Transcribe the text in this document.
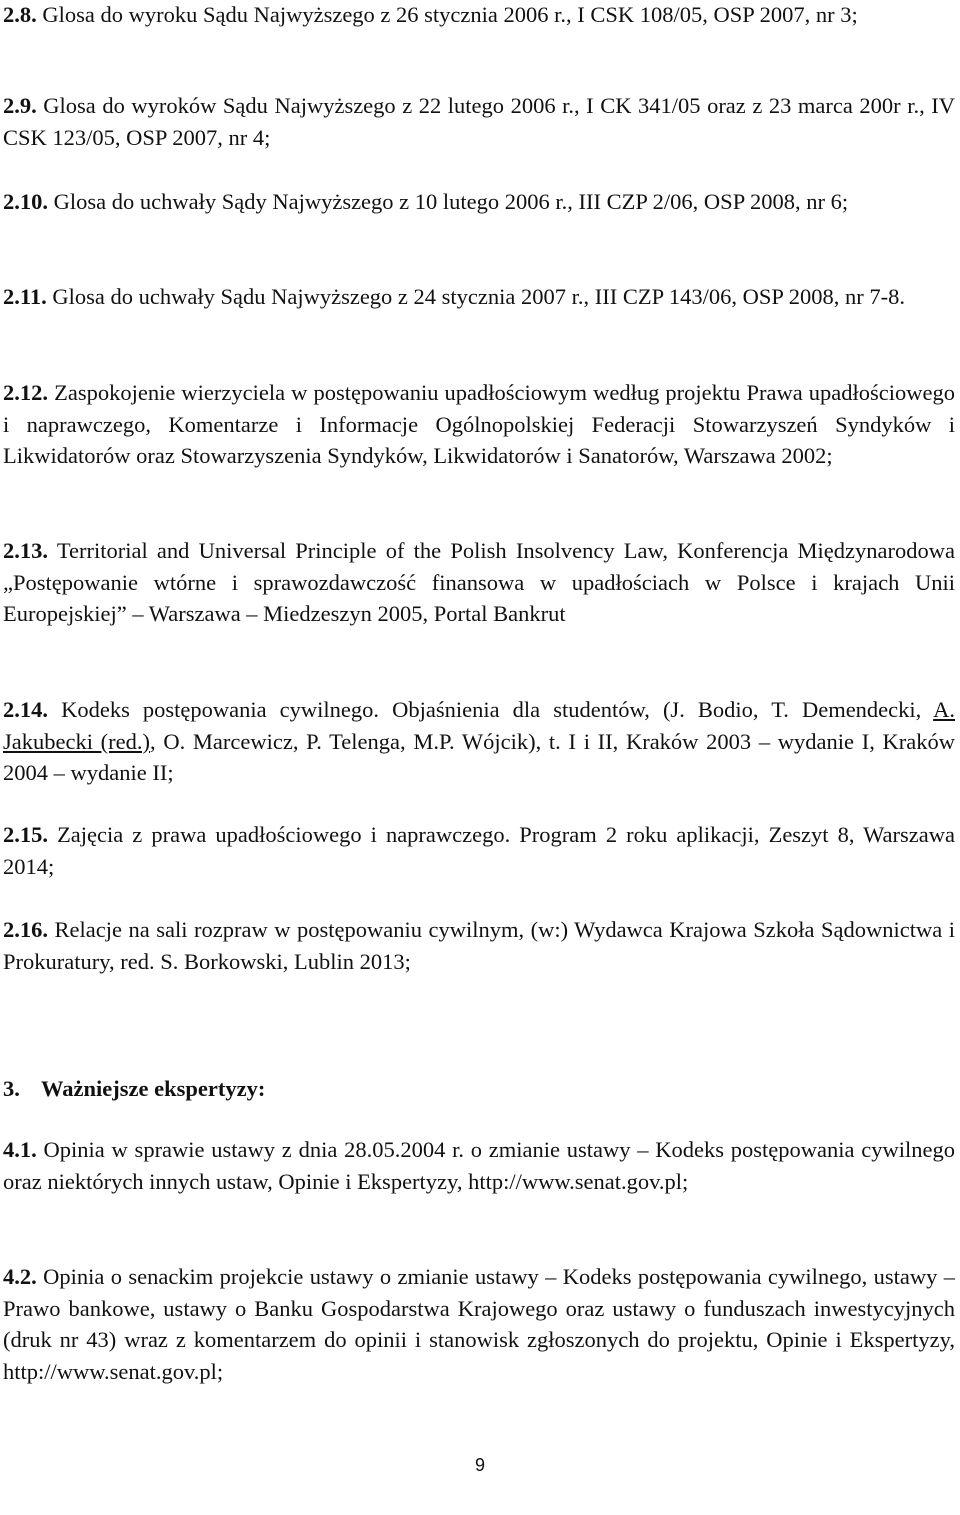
2.8. Glosa do wyroku Sądu Najwyższego z 26 stycznia 2006 r., I CSK 108/05, OSP 2007, nr 3;

2.9. Glosa do wyroków Sądu Najwyższego z 22 lutego 2006 r., I CK 341/05 oraz z 23 marca 200r r., IV CSK 123/05, OSP 2007, nr 4;

2.10. Glosa do uchwały Sądy Najwyższego z 10 lutego 2006 r., III CZP 2/06, OSP 2008, nr 6;

2.11. Glosa do uchwały Sądu Najwyższego z 24 stycznia 2007 r., III CZP 143/06, OSP 2008, nr 7-8.

2.12. Zaspokojenie wierzyciela w postępowaniu upadłościowym według projektu Prawa upadłościowego i naprawczego, Komentarze i Informacje Ogólnopolskiej Federacji Stowarzyszeń Syndyków i Likwidatorów oraz Stowarzyszenia Syndyków, Likwidatorów i Sanatorów, Warszawa 2002;

2.13. Territorial and Universal Principle of the Polish Insolvency Law, Konferencja Międzynarodowa „Postępowanie wtórne i sprawozdawczość finansowa w upadłościach w Polsce i krajach Unii Europejskiej” – Warszawa – Miedzeszyn 2005, Portal Bankrut

2.14. Kodeks postępowania cywilnego. Objaśnienia dla studentów, (J. Bodio, T. Demendecki, A. Jakubecki (red.), O. Marcewicz, P. Telenga, M.P. Wójcik), t. I i II, Kraków 2003 – wydanie I, Kraków 2004 – wydanie II;

2.15. Zajęcia z prawa upadłościowego i naprawczego. Program 2 roku aplikacji, Zeszyt 8, Warszawa 2014;

2.16. Relacje na sali rozpraw w postępowaniu cywilnym, (w:) Wydawca Krajowa Szkoła Sądownictwa i Prokuratury, red. S. Borkowski, Lublin 2013;

3. Ważniejsze ekspertyzy:

4.1. Opinia w sprawie ustawy z dnia 28.05.2004 r. o zmianie ustawy – Kodeks postępowania cywilnego oraz niektórych innych ustaw, Opinie i Ekspertyzy, http://www.senat.gov.pl;

4.2. Opinia o senackim projekcie ustawy o zmianie ustawy – Kodeks postępowania cywilnego, ustawy – Prawo bankowe, ustawy o Banku Gospodarstwa Krajowego oraz ustawy o funduszach inwestycyjnych (druk nr 43) wraz z komentarzem do opinii i stanowisk zgłoszonych do projektu, Opinie i Ekspertyzy, http://www.senat.gov.pl;

9
